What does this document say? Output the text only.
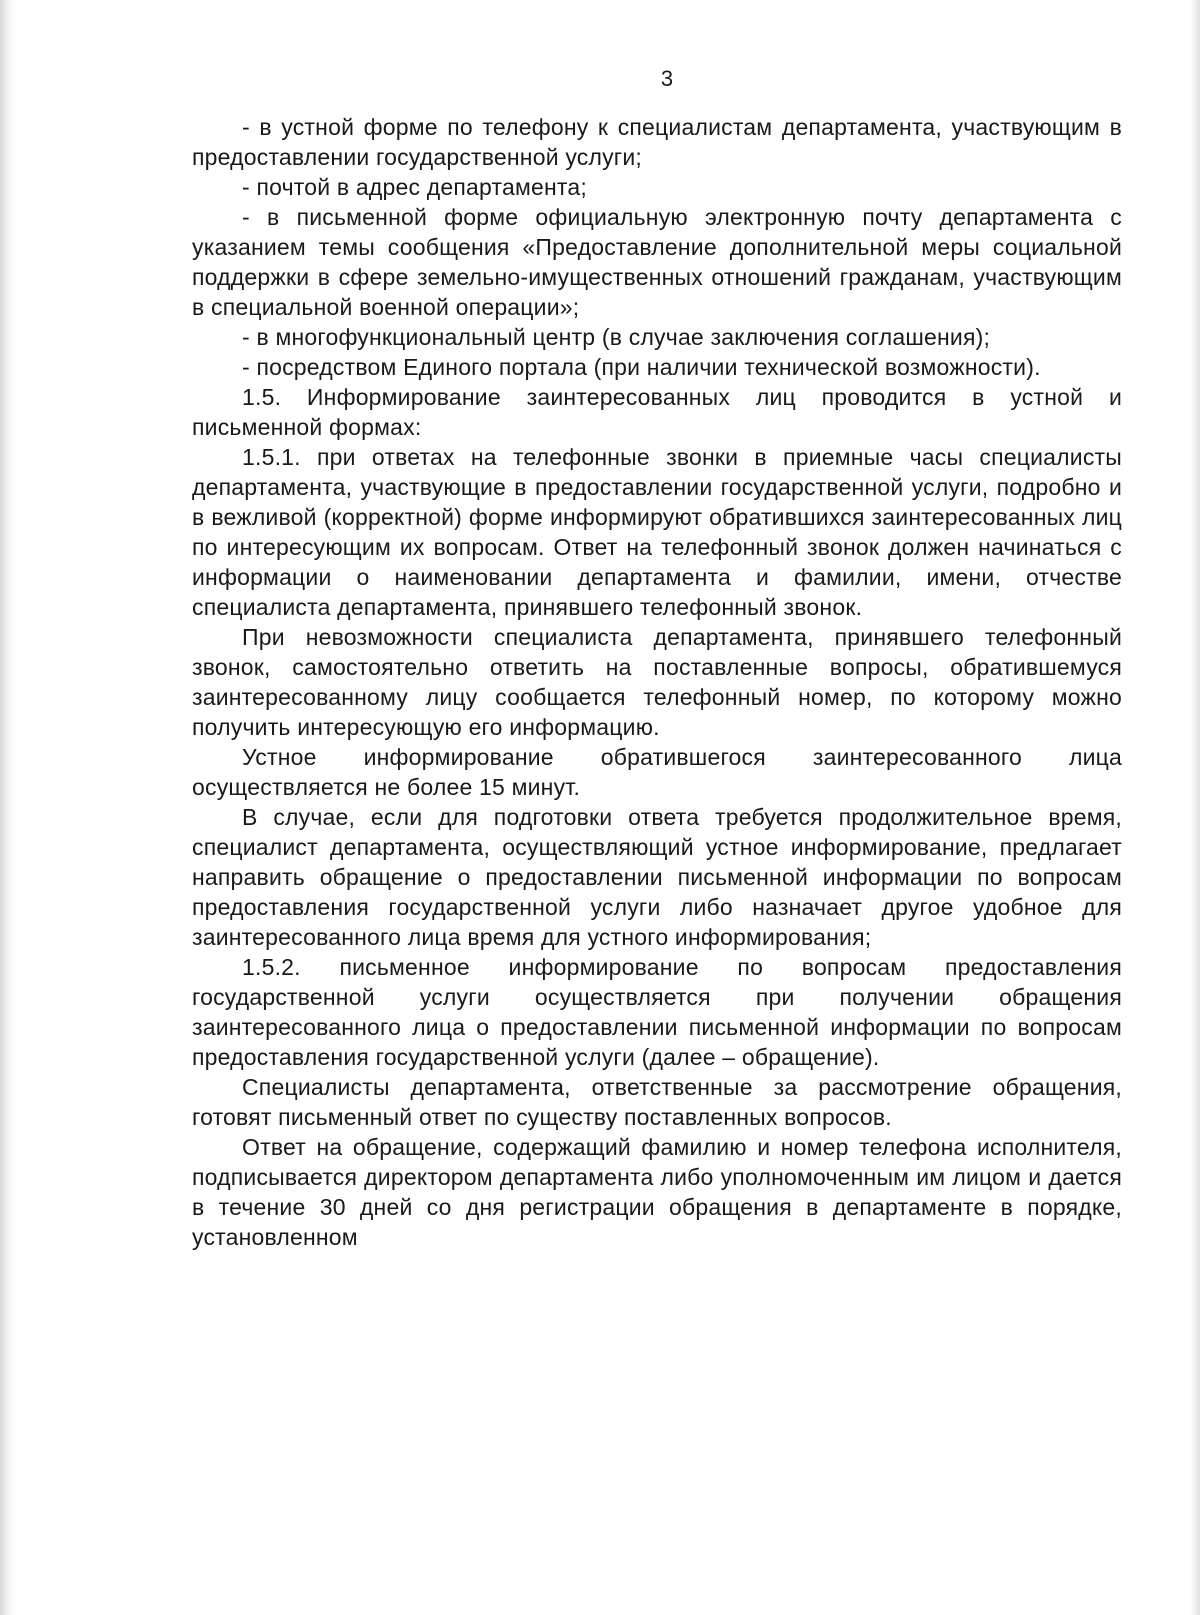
3

- в устной форме по телефону к специалистам департамента, участвующим в предоставлении государственной услуги;

- почтой в адрес департамента;

- в письменной форме официальную электронную почту департамента с указанием темы сообщения «Предоставление дополнительной меры социальной поддержки в сфере земельно-имущественных отношений гражданам, участвующим в специальной военной операции»;

- в многофункциональный центр (в случае заключения соглашения);

- посредством Единого портала (при наличии технической возможности).

1.5. Информирование заинтересованных лиц проводится в устной и письменной формах:

1.5.1. при ответах на телефонные звонки в приемные часы специалисты департамента, участвующие в предоставлении государственной услуги, подробно и в вежливой (корректной) форме информируют обратившихся заинтересованных лиц по интересующим их вопросам. Ответ на телефонный звонок должен начинаться с информации о наименовании департамента и фамилии, имени, отчестве специалиста департамента, принявшего телефонный звонок.

При невозможности специалиста департамента, принявшего телефонный звонок, самостоятельно ответить на поставленные вопросы, обратившемуся заинтересованному лицу сообщается телефонный номер, по которому можно получить интересующую его информацию.

Устное информирование обратившегося заинтересованного лица осуществляется не более 15 минут.

В случае, если для подготовки ответа требуется продолжительное время, специалист департамента, осуществляющий устное информирование, предлагает направить обращение о предоставлении письменной информации по вопросам предоставления государственной услуги либо назначает другое удобное для заинтересованного лица время для устного информирования;

1.5.2. письменное информирование по вопросам предоставления государственной услуги осуществляется при получении обращения заинтересованного лица о предоставлении письменной информации по вопросам предоставления государственной услуги (далее – обращение).

Специалисты департамента, ответственные за рассмотрение обращения, готовят письменный ответ по существу поставленных вопросов.

Ответ на обращение, содержащий фамилию и номер телефона исполнителя, подписывается директором департамента либо уполномоченным им лицом и дается в течение 30 дней со дня регистрации обращения в департаменте в порядке, установленном
